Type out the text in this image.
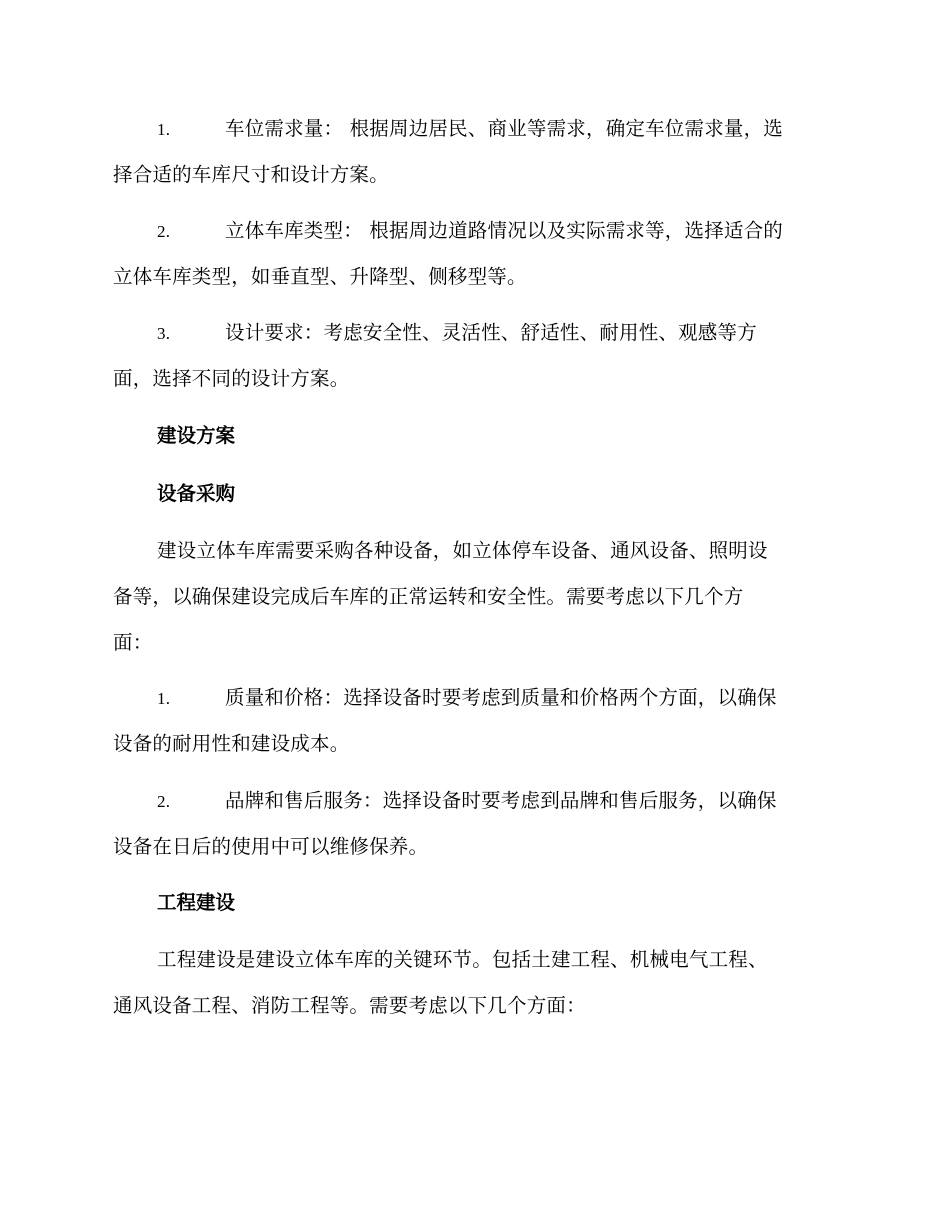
1.	车位需求量： 根据周边居民、商业等需求，确定车位需求量，选
择合适的车库尺寸和设计方案。
2.	立体车库类型： 根据周边道路情况以及实际需求等，选择适合的
立体车库类型，如垂直型、升降型、侧移型等。
3.	设计要求：考虑安全性、灵活性、舒适性、耐用性、观感等方
面，选择不同的设计方案。
建设方案
设备采购
建设立体车库需要采购各种设备，如立体停车设备、通风设备、照明设
备等，以确保建设完成后车库的正常运转和安全性。需要考虑以下几个方
面：
1.	质量和价格：选择设备时要考虑到质量和价格两个方面，以确保
设备的耐用性和建设成本。
2.	品牌和售后服务：选择设备时要考虑到品牌和售后服务，以确保
设备在日后的使用中可以维修保养。
工程建设
工程建设是建设立体车库的关键环节。包括土建工程、机械电气工程、
通风设备工程、消防工程等。需要考虑以下几个方面：
